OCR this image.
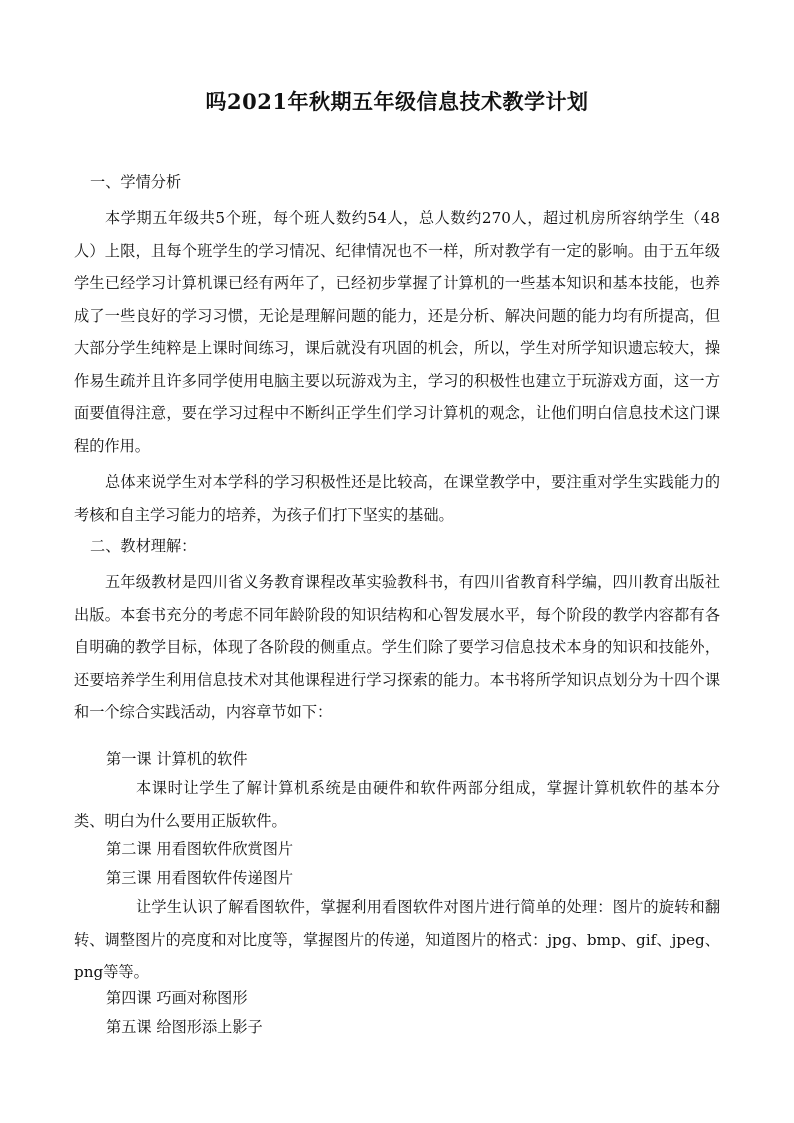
吗2021年秋期五年级信息技术教学计划

一、学情分析

本学期五年级共5个班，每个班人数约54人，总人数约270人，超过机房所容纳学生（48人）上限，且每个班学生的学习情况、纪律情况也不一样，所对教学有一定的影响。由于五年级学生已经学习计算机课已经有两年了，已经初步掌握了计算机的一些基本知识和基本技能，也养成了一些良好的学习习惯，无论是理解问题的能力，还是分析、解决问题的能力均有所提高，但大部分学生纯粹是上课时间练习，课后就没有巩固的机会，所以，学生对所学知识遗忘较大，操作易生疏并且许多同学使用电脑主要以玩游戏为主，学习的积极性也建立于玩游戏方面，这一方面要值得注意，要在学习过程中不断纠正学生们学习计算机的观念，让他们明白信息技术这门课程的作用。

总体来说学生对本学科的学习积极性还是比较高，在课堂教学中，要注重对学生实践能力的考核和自主学习能力的培养，为孩子们打下坚实的基础。

二、教材理解：

五年级教材是四川省义务教育课程改革实验教科书，有四川省教育科学编，四川教育出版社出版。本套书充分的考虑不同年龄阶段的知识结构和心智发展水平，每个阶段的教学内容都有各自明确的教学目标，体现了各阶段的侧重点。学生们除了要学习信息技术本身的知识和技能外，还要培养学生利用信息技术对其他课程进行学习探索的能力。本书将所学知识点划分为十四个课和一个综合实践活动，内容章节如下：

第一课 计算机的软件

本课时让学生了解计算机系统是由硬件和软件两部分组成，掌握计算机软件的基本分类、明白为什么要用正版软件。

第二课 用看图软件欣赏图片

第三课 用看图软件传递图片

让学生认识了解看图软件，掌握利用看图软件对图片进行简单的处理：图片的旋转和翻转、调整图片的亮度和对比度等，掌握图片的传递，知道图片的格式：jpg、bmp、gif、jpeg、png等等。

第四课 巧画对称图形

第五课 给图形添上影子
